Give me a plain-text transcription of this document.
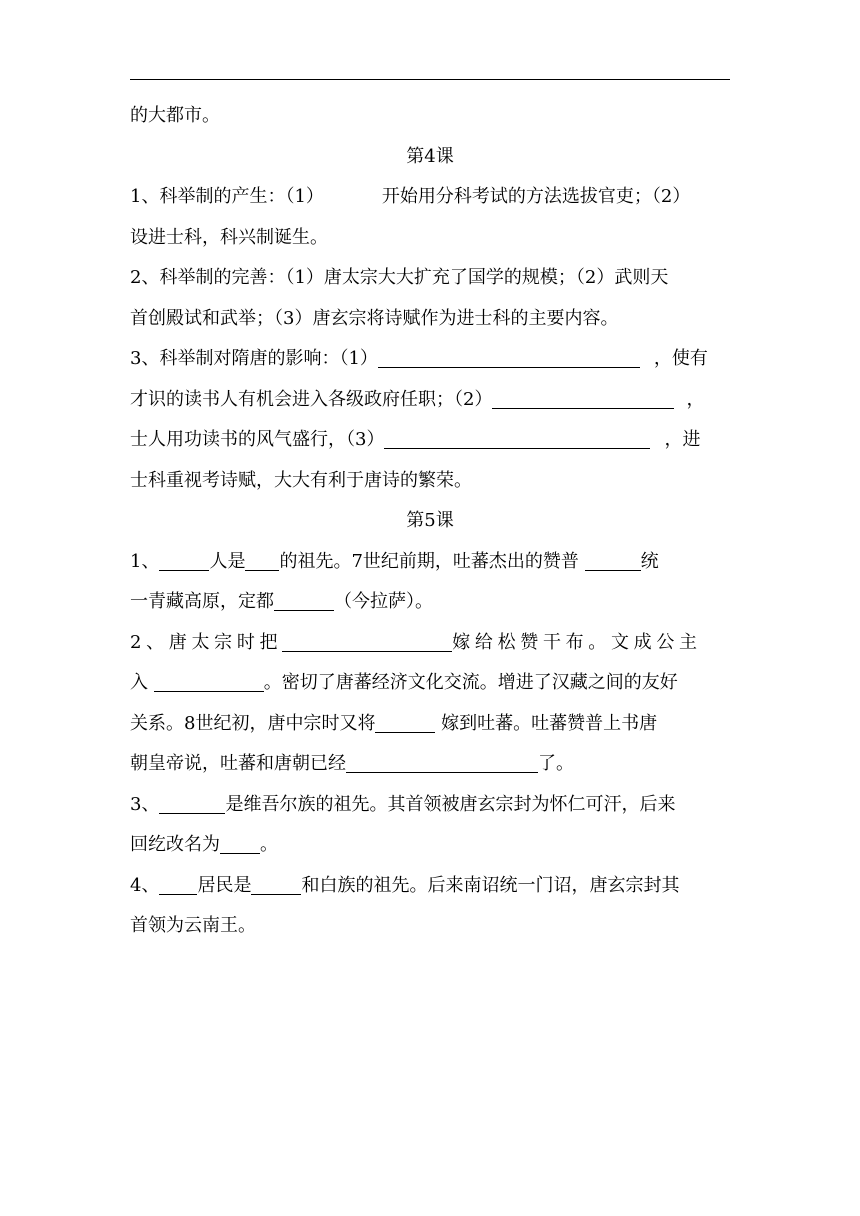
的大都市。
第4课
1、科举制的产生：（1）	开始用分科考试的方法选拔官吏；（2）
设进士科，科兴制诞生。
2、科举制的完善：（1）唐太宗大大扩充了国学的规模；（2）武则天
首创殿试和武举；（3）唐玄宗将诗赋作为进士科的主要内容。
3、科举制对隋唐的影响：（1）	，使有
才识的读书人有机会进入各级政府任职；（2）	，
士人用功读书的风气盛行，（3）	，进
士科重视考诗赋，大大有利于唐诗的繁荣。
第5课
1、	人是 的祖先。7世纪前期，吐蕃杰出的赞普	统
一青藏高原，定都	（今拉萨）。
2、唐太宗时把	嫁给松赞干布。文成公主
入	。密切了唐蕃经济文化交流。增进了汉藏之间的友好
关系。8世纪初，唐中宗时又将	嫁到吐蕃。吐蕃赞普上书唐
朝皇帝说，吐蕃和唐朝已经	了。
3、	是维吾尔族的祖先。其首领被唐玄宗封为怀仁可汗，后来
回纥改名为 。
4、 居民是	和白族的祖先。后来南诏统一门诏，唐玄宗封其
首领为云南王。
